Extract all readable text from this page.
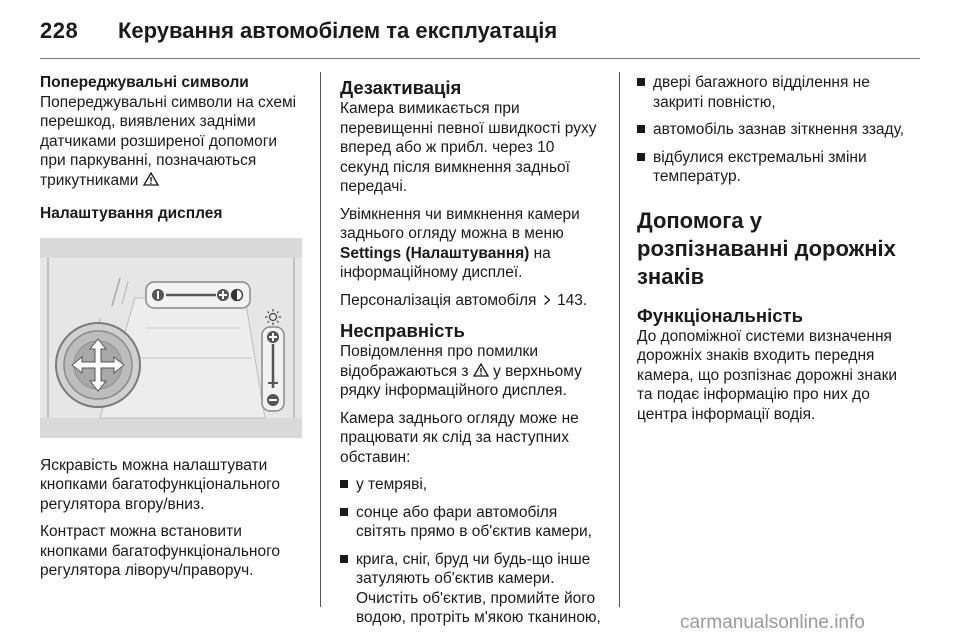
228 Керування автомобілем та експлуатація
Попереджувальні символи

Попереджувальні символи на схемі перешкод, виявлених задніми датчиками розширеної допомоги при паркуванні, позначаються трикутниками

Налаштування дисплея

Яскравість можна налаштувати кнопками багатофункціонального регулятора вгору/вниз.

Контраст можна встановити кнопками багатофункціонального регулятора ліворуч/праворуч.

Дезактивація

Камера вимикається при перевищенні певної швидкості руху вперед або ж прибл. через 10 секунд після вимкнення задньої передачі.

Увімкнення чи вимкнення камери заднього огляду можна в меню Settings (Налаштування) на інформаційному дисплеї.

Персоналізація автомобіля 143.

Несправність

Повідомлення про помилки відображаються з у верхньому рядку інформаційного дисплея.

Камера заднього огляду може не працювати як слід за наступних обставин:

у темряві,
сонце або фари автомобіля світять прямо в об'єктив камери,
крига, сніг, бруд чи будь-що інше затуляють об'єктив камери. Очистіть об'єктив, промийте його водою, протріть м'якою тканиною,
двері багажного відділення не закриті повністю,
автомобіль зазнав зіткнення ззаду,
відбулися екстремальні зміни температур.
Допомога у розпізнаванні дорожніх знаків
Функціональність

До допоміжної системи визначення дорожніх знаків входить передня камера, що розпізнає дорожні знаки та подає інформацію про них до центра інформації водія.

carmanualsonline.info
